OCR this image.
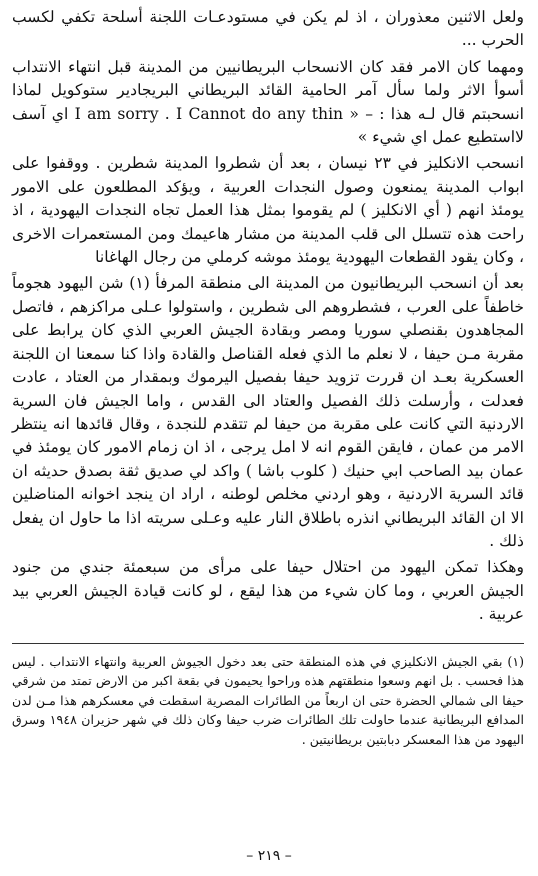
ولعل الاثنين معذوران ، اذ لم يكن في مستودعـات اللجنة أسلحة تكفي لكسب الحرب ...

ومهما كان الامر فقد كان الانسحاب البريطانيين من المدينة قبل انتهاء الانتداب أسوأ الاثر ولما سأل آمر الحامية القائد البريطاني البريجادير ستوكويل لماذا انسحبتم قال لـه هذا : – « I am sorry . I Cannot do any thin اي آسف لااستطيع عمل اي شيء »

انسحب الانكليز في ٢٣ نيسان ، بعد أن شطروا المدينة شطرين . ووقفوا على ابواب المدينة يمنعون وصول النجدات العربية ، ويؤكد المطلعون على الامور يومئذ انهم ( أي الانكليز ) لم يقوموا بمثل هذا العمل تجاه النجدات اليهودية ، اذ راحت هذه تتسلل الى قلب المدينة من مشار هاعيمك ومن المستعمرات الاخرى ، وكان يقود القطعات اليهودية يومئذ موشه كرملي من رجال الهاغانا

بعد أن انسحب البريطانيون من المدينة الى منطقة المرفأ (١) شن اليهود هجوماً خاطفاً على العرب ، فشطروهم الى شطرين ، واستولوا عـلى مراكزهم ، فاتصل المجاهدون بقنصلي سوريا ومصر وبقادة الجيش العربي الذي كان يرابط على مقربة مـن حيفا ، لا نعلم ما الذي فعله القناصل والقادة واذا كنا سمعنا ان اللجنة العسكرية بعـد ان قررت تزويد حيفا بفصيل اليرموك وبمقدار من العتاد ، عادت فعدلت ، وأرسلت ذلك الفصيل والعتاد الى القدس ، واما الجيش فان السرية الاردنية التي كانت على مقربة من حيفا لم تتقدم للنجدة ، وقال قائدها انه ينتظر الامر من عمان ، فايقن القوم انه لا امل يرجى ، اذ ان زمام الامور كان يومئذ في عمان بيد الصاحب ابي حنيك ( كلوب باشا ) واكد لي صديق ثقة بصدق حديثه ان قائد السرية الاردنية ، وهو اردني مخلص لوطنه ، اراد ان ينجد اخوانه المناضلين الا ان القائد البريطاني انذره باطلاق النار عليه وعـلى سريته اذا ما حاول ان يفعل ذلك .

وهكذا تمكن اليهود من احتلال حيفا على مرأى من سبعمئة جندي من جنود الجيش العربي ، وما كان شيء من هذا ليقع ، لو كانت قيادة الجيش العربي بيد عربية .

(١) بقي الجيش الانكليزي في هذه المنطقة حتى بعد دخول الجيوش العربية وانتهاء الانتداب . ليس هذا فحسب . بل انهم وسعوا منطقتهم هذه وراحوا يحيمون في بقعة اكبر من الارض تمتد من شرقي حيفا الى شمالي الحضرة حتى ان اربعاً من الطائرات المصرية اسقطت في معسكرهم هذا مـن لدن المدافع البريطانية عندما حاولت تلك الطائرات ضرب حيفا وكان ذلك في شهر حزيران ١٩٤٨ وسرق اليهود من هذا المعسكر دبابتين بريطانيتين .

– ٢١٩ –
